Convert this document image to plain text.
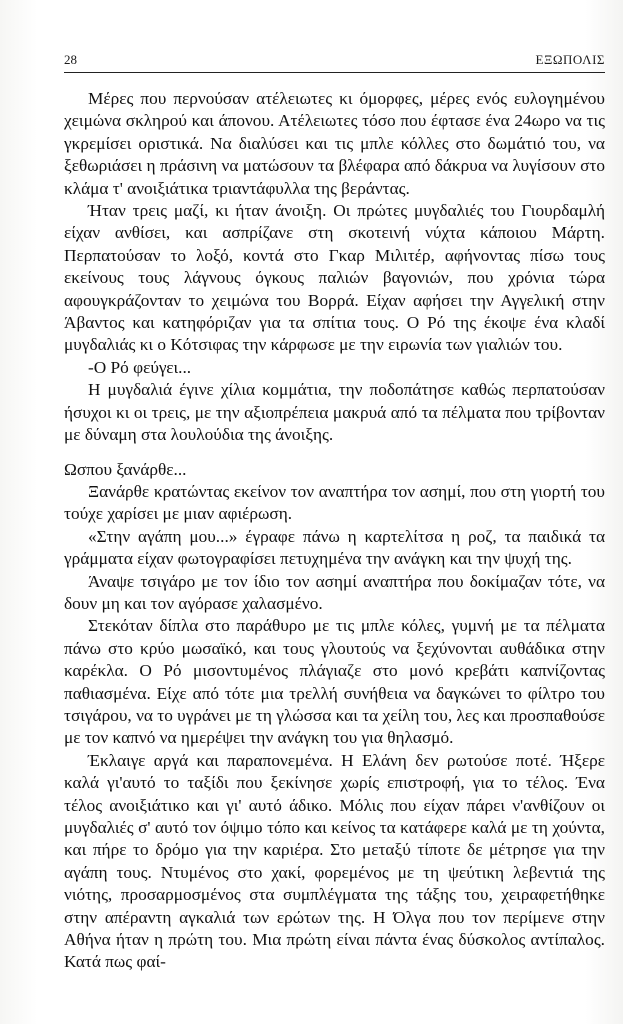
28	ΕΞΩΠΟΛΙΣ

Μέρες που περνούσαν ατέλειωτες κι όμορφες, μέρες ενός ευλογημένου χειμώνα σκληρού και άπονου. Ατέλειωτες τόσο που έφτασε ένα 24ωρο να τις γκρεμίσει οριστικά. Να διαλύσει και τις μπλε κόλλες στο δωμάτιό του, να ξεθωριάσει η πράσινη να ματώσουν τα βλέφαρα από δάκρυα να λυγίσουν στο κλάμα τ' ανοιξιάτικα τριαντάφυλλα της βεράντας.

Ήταν τρεις μαζί, κι ήταν άνοιξη. Οι πρώτες μυγδαλιές του Γιουρδαμλή είχαν ανθίσει, και ασπρίζανε στη σκοτεινή νύχτα κάποιου Μάρτη. Περπατούσαν το λοξό, κοντά στο Γκαρ Μιλιτέρ, αφήνοντας πίσω τους εκείνους τους λάγνους όγκους παλιών βαγονιών, που χρόνια τώρα αφουγκράζονταν το χειμώνα του Βορρά. Είχαν αφήσει την Αγγελική στην Άβαντος και κατηφόριζαν για τα σπίτια τους. Ο Ρό της έκοψε ένα κλαδί μυγδαλιάς κι ο Κότσιφας την κάρφωσε με την ειρωνία των γιαλιών του.

-Ο Ρό φεύγει...

Η μυγδαλιά έγινε χίλια κομμάτια, την ποδοπάτησε καθώς περπατούσαν ήσυχοι κι οι τρεις, με την αξιοπρέπεια μακρυά από τα πέλματα που τρίβονταν με δύναμη στα λουλούδια της άνοιξης.

Ωσπου ξανάρθε...

Ξανάρθε κρατώντας εκείνον τον αναπτήρα τον ασημί, που στη γιορτή του τούχε χαρίσει με μιαν αφιέρωση.

«Στην αγάπη μου...» έγραφε πάνω η καρτελίτσα η ροζ, τα παιδικά τα γράμματα είχαν φωτογραφίσει πετυχημένα την ανάγκη και την ψυχή της.

Άναψε τσιγάρο με τον ίδιο τον ασημί αναπτήρα που δοκίμαζαν τότε, να δουν μη και τον αγόρασε χαλασμένο.

Στεκόταν δίπλα στο παράθυρο με τις μπλε κόλες, γυμνή με τα πέλματα πάνω στο κρύο μωσαϊκό, και τους γλουτούς να ξεχύνονται αυθάδικα στην καρέκλα. Ο Ρό μισοντυμένος πλάγιαζε στο μονό κρεβάτι καπνίζοντας παθιασμένα. Είχε από τότε μια τρελλή συνήθεια να δαγκώνει το φίλτρο του τσιγάρου, να το υγράνει με τη γλώσσα και τα χείλη του, λες και προσπαθούσε με τον καπνό να ημερέψει την ανάγκη του για θηλασμό.

Έκλαιγε αργά και παραπονεμένα. Η Ελάνη δεν ρωτούσε ποτέ. Ήξερε καλά γι'αυτό το ταξίδι που ξεκίνησε χωρίς επιστροφή, για το τέλος. Ένα τέλος ανοιξιάτικο και γι' αυτό άδικο. Μόλις που είχαν πάρει ν'ανθίζουν οι μυγδαλιές σ' αυτό τον όψιμο τόπο και κείνος τα κατάφερε καλά με τη χούντα, και πήρε το δρόμο για την καριέρα. Στο μεταξύ τίποτε δε μέτρησε για την αγάπη τους. Ντυμένος στο χακί, φορεμένος με τη ψεύτικη λεβεντιά της νιότης, προσαρμοσμένος στα συμπλέγματα της τάξης του, χειραφετήθηκε στην απέραντη αγκαλιά των ερώτων της. Η Όλγα που τον περίμενε στην Αθήνα ήταν η πρώτη του. Μια πρώτη είναι πάντα ένας δύσκολος αντίπαλος. Κατά πως φαί-
